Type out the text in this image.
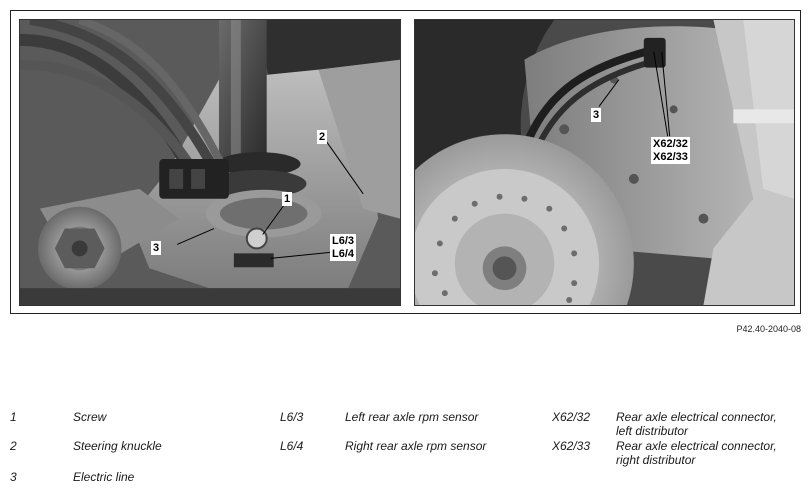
1
2
3
L6/3
L6/4
3
X62/32
X62/33
P42.40-2040-08
1	Screw
2	Steering knuckle
3	Electric line
L6/3	Left rear axle rpm sensor
L6/4	Right rear axle rpm sensor
X62/32 Rear axle electrical connector,
left distributor
X62/33 Rear axle electrical connector,
right distributor
